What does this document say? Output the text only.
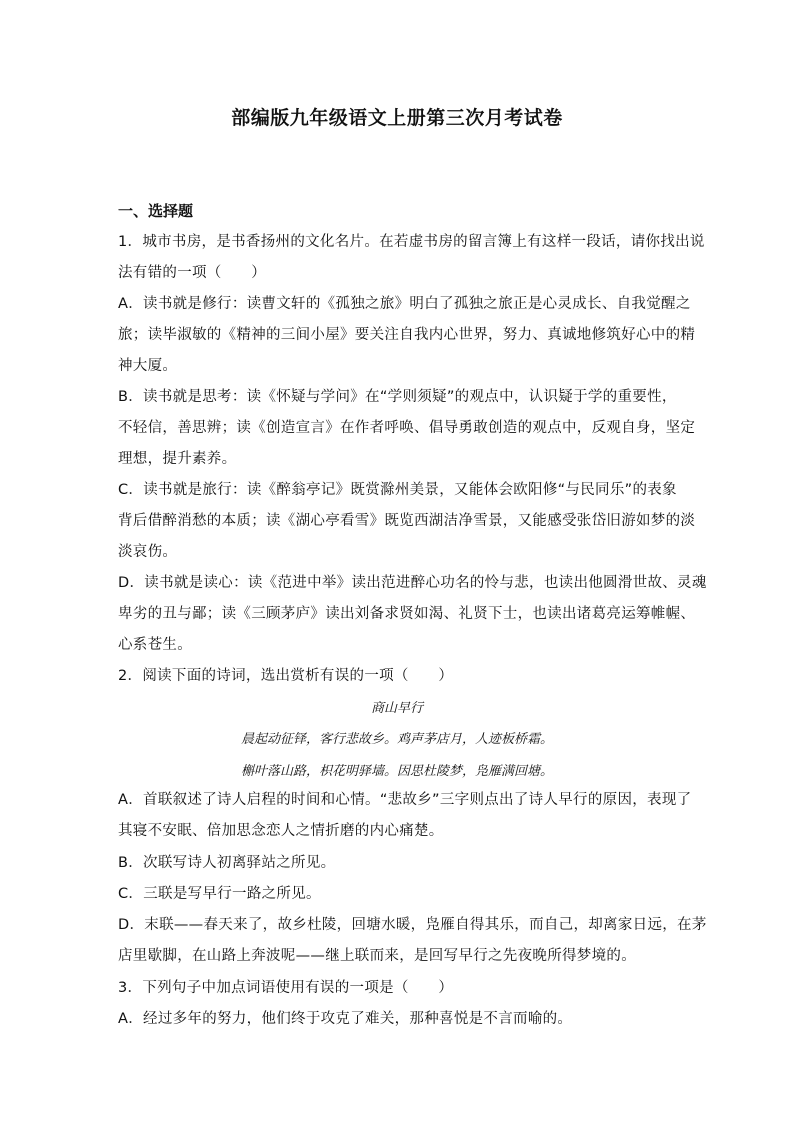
部编版九年级语文上册第三次月考试卷
一、选择题
1．城市书房，是书香扬州的文化名片。在若虚书房的留言簿上有这样一段话，请你找出说
法有错的一项（　　）
A．读书就是修行：读曹文轩的《孤独之旅》明白了孤独之旅正是心灵成长、自我觉醒之
旅；读毕淑敏的《精神的三间小屋》要关注自我内心世界，努力、真诚地修筑好心中的精
神大厦。
B．读书就是思考：读《怀疑与学问》在“学则须疑”的观点中，认识疑于学的重要性，
不轻信，善思辨；读《创造宣言》在作者呼唤、倡导勇敢创造的观点中，反观自身，坚定
理想，提升素养。
C．读书就是旅行：读《醉翁亭记》既赏滁州美景，又能体会欧阳修“与民同乐”的表象
背后借醉消愁的本质；读《湖心亭看雪》既览西湖洁净雪景，又能感受张岱旧游如梦的淡
淡哀伤。
D．读书就是读心：读《范进中举》读出范进醉心功名的怜与悲，也读出他圆滑世故、灵魂
卑劣的丑与鄙；读《三顾茅庐》读出刘备求贤如渴、礼贤下士，也读出诸葛亮运筹帷幄、
心系苍生。
2．阅读下面的诗词，选出赏析有误的一项（　　）
商山早行
晨起动征铎，客行悲故乡。鸡声茅店月，人迹板桥霜。
槲叶落山路，枳花明驿墙。因思杜陵梦，凫雁满回塘。
A．首联叙述了诗人启程的时间和心情。“悲故乡”三字则点出了诗人早行的原因，表现了
其寝不安眠、倍加思念恋人之情折磨的内心痛楚。
B．次联写诗人初离驿站之所见。
C．三联是写早行一路之所见。
D．末联——春天来了，故乡杜陵，回塘水暖，凫雁自得其乐，而自己，却离家日远，在茅
店里歇脚，在山路上奔波呢——继上联而来，是回写早行之先夜晚所得梦境的。
3．下列句子中加点词语使用有误的一项是（　　）
A．经过多年的努力，他们终于攻克了难关，那种喜悦是不言而喻的。
